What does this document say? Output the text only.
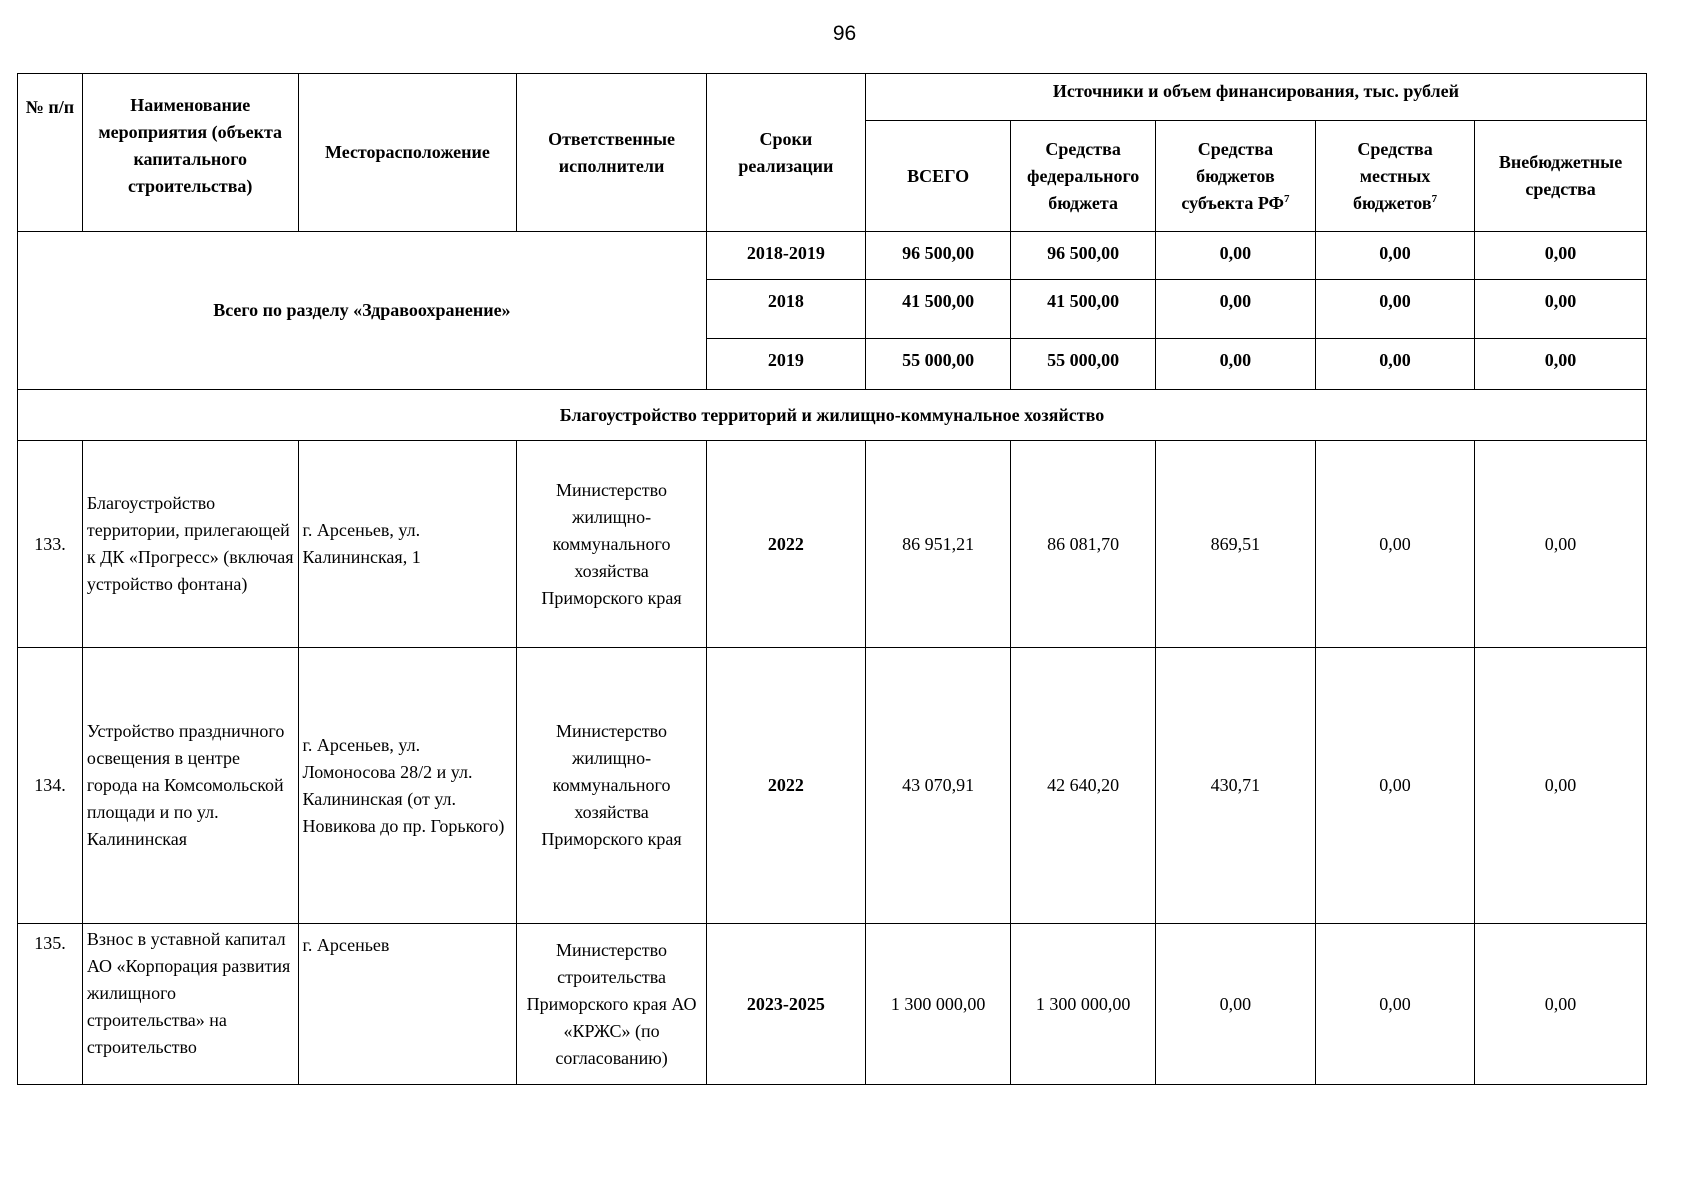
96
№ п/п	Наименование мероприятия (объекта капитального строительства)	Месторасположение	Ответственные исполнители	Сроки реализации	Источники и объем финансирования, тыс. рублей				
					ВСЕГО	Средства федерального бюджета	Средства бюджетов субъекта $РФ^7$	Средства местных бюджетов$^7$	Внебюджетные средства
Всего по разделу «Здравоохранение»				2018-2019	96 500,00	96 500,00	0,00	0,00	0,00
				2018	41 500,00	41 500,00	0,00	0,00	0,00
				2019	55 000,00	55 000,00	0,00	0,00	0,00
Благоустройство территорий и жилищно-коммунальное хозяйство									
133.	Благоустройство территории, прилегающей к ДК «Прогресс» (включая устройство фонтана)	г. Арсеньев, ул. Калининская, 1	Министерство жилищно-коммунального хозяйства Приморского края	2022	86 951,21	86 081,70	869,51	0,00	0,00
134.	Устройство праздничного освещения в центре города на Комсомольской площади и по ул. Калининская	г. Арсеньев, ул. Ломоносова 28/2 и ул. Калининская (от ул. Новикова до пр. Горького)	Министерство жилищно-коммунального хозяйства Приморского края	2022	43 070,91	42 640,20	430,71	0,00	0,00
135.	Взнос в уставной капитал АО «Корпорация развития жилищного строительства» на строительство	г. Арсеньев	Министерство строительства Приморского края АО «КРЖС» (по согласованию)	2023-2025	1 300 000,00	1 300 000,00	0,00	0,00	0,00
